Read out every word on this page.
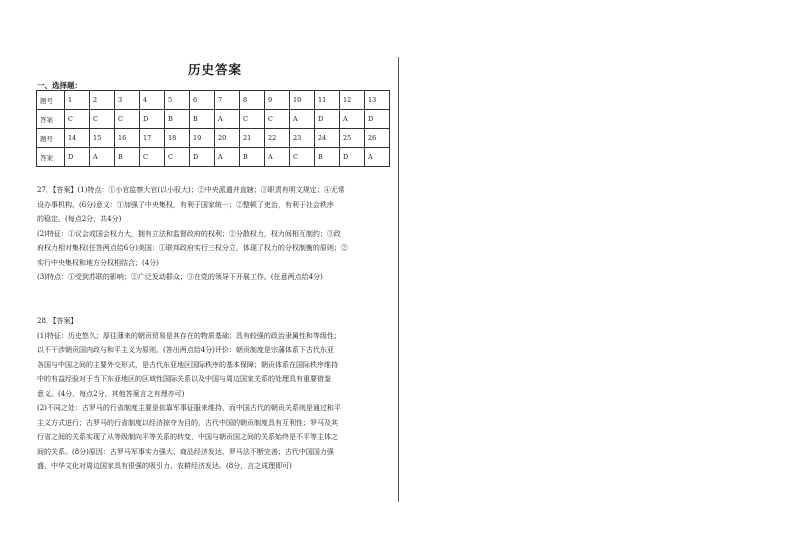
历史答案
一、选择题：
题号	1	2	3	4	5	6	7	8	9	10	11	12	13
答案	C	C	C	D	B	B	A	C	C	A	D	A	D
题号	14	15	16	17	18	19	20	21	22	23	24	25	26
答案	D	A	B	C	C	D	A	B	A	C	B	D	A
27．【答案】(1)特点：①小官监察大官(以小驭大)；②中央派遣并直辖；③职责有明文规定；④无常
设办事机构。(6分)意义：①加强了中央集权，有利于国家统一；②整顿了吏治，有利于社会秩序
的稳定。(每点2分，共4分)
(2)特征：①议会或国会权力大，拥有立法和监督政府的权利；②分散权力，权力间相互制约；③政
府权力相对集权(任答两点给6分)美国：①联邦政府实行三权分立，体现了权力的分权制衡的原则；②
实行中央集权和地方分权相结合；(4分)
(3)特点：①受到苏联的影响；②广泛发动群众；③在党的领导下开展工作。(任意两点给4分)
28．【答案】
(1)特征：历史悠久；厚往薄来的朝贡贸易是其存在的物质基础；具有较强的政治隶属性和等级性；
以不干涉朝贡国内政与和平主义为原则。(答出两点给4分)评价：朝贡制度是宗藩体系下古代东亚
各国与中国之间的主要外交形式，是古代东亚地区国际秩序的基本保障；朝贡体系在国际秩序维持
中的有益经验对于当下东亚地区的区域性国际关系以及中国与周边国家关系的处理具有重要借鉴
意义。(4分，每点2分，其他答案言之有理亦可)
(2)不同之处：古罗马的行省制度主要是依靠军事征服来维持，而中国古代的朝贡关系则是通过和平
主义方式进行；古罗马的行省制度以经济掠夺为目的，古代中国的朝贡制度具有互利性；罗马及其
行省之间的关系实现了从等级制向平等关系的转变，中国与朝贡国之间的关系始终是不平等主体之
间的关系。(8分)原因：古罗马军事实力强大、商品经济发达、罗马法不断完善；古代中国国力强
盛、中华文化对周边国家具有很强的吸引力、农耕经济发达。(8分，言之成理即可)
